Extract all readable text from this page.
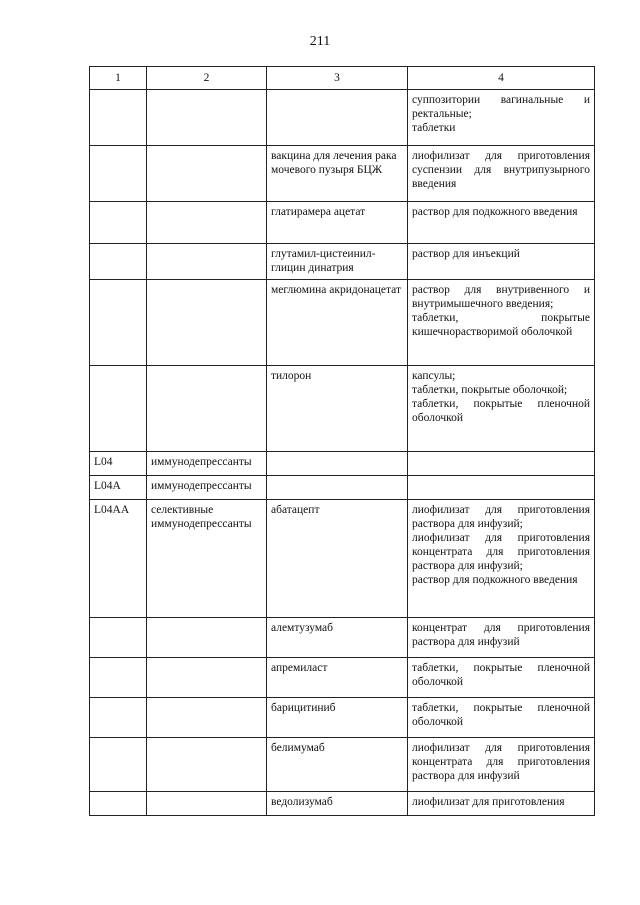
211
1	2	3	4

			суппозитории вагинальные и ректальные;
таблетки

		вакцина для лечения рака мочевого пузыря БЦЖ	лиофилизат для приготовления суспензии для внутрипузырного введения

		глатирамера ацетат	раствор для подкожного введения

		глутамил-цистеинил-глицин динатрия	раствор для инъекций

		меглюмина акридонацетат	раствор для внутривенного и внутримышечного введения;
таблетки, покрытые кишечнорастворимой оболочкой

		тилорон	капсулы;
таблетки, покрытые оболочкой;
таблетки, покрытые пленочной оболочкой

L04	иммунодепрессанты		
L04A	иммунодепрессанты		
L04AA	селективные иммунодепрессанты	абатацепт	лиофилизат для приготовления раствора для инфузий;
лиофилизат для приготовления концентрата для приготовления раствора для инфузий;
раствор для подкожного введения

		алемтузумаб	концентрат для приготовления раствора для инфузий

		апремиласт	таблетки, покрытые пленочной оболочкой

		барицитиниб	таблетки, покрытые пленочной оболочкой

		белимумаб	лиофилизат для приготовления концентрата для приготовления раствора для инфузий

		ведолизумаб	лиофилизат для приготовления
